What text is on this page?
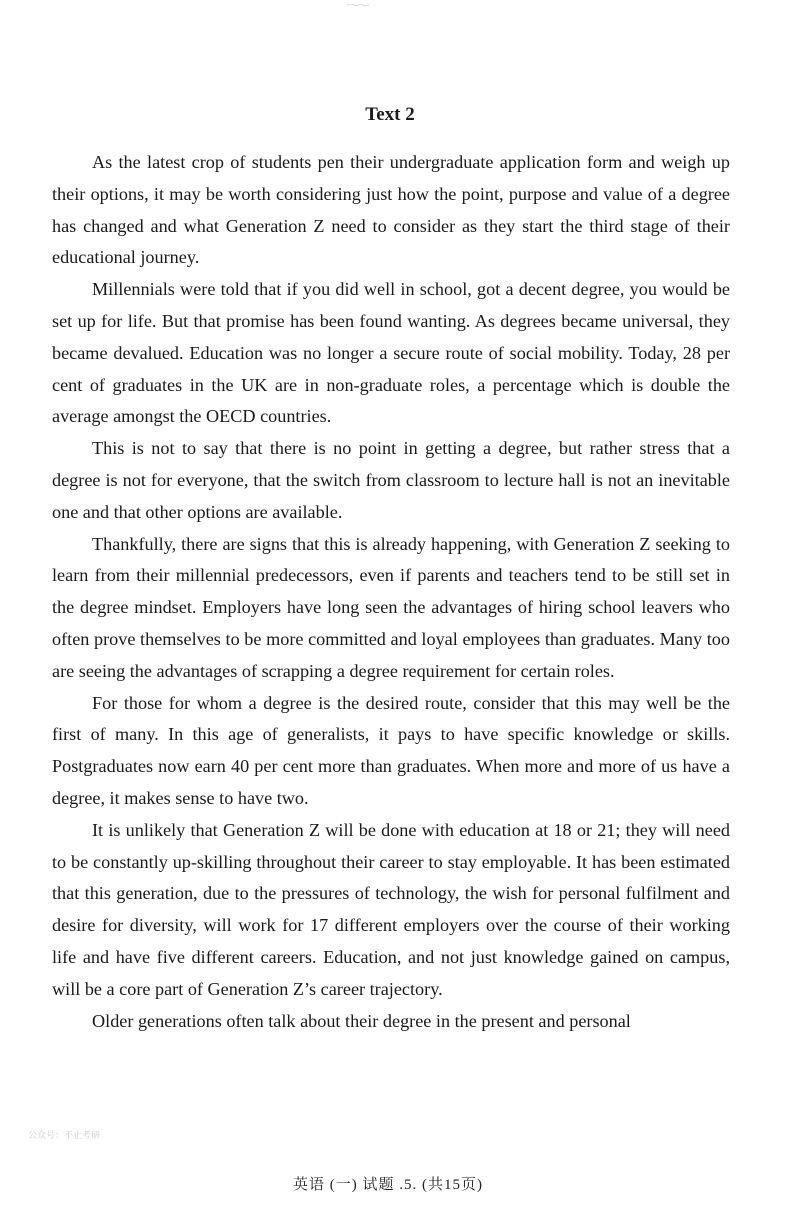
Text 2

As the latest crop of students pen their undergraduate application form and weigh up their options, it may be worth considering just how the point, purpose and value of a degree has changed and what Generation Z need to consider as they start the third stage of their educational journey.

Millennials were told that if you did well in school, got a decent degree, you would be set up for life. But that promise has been found wanting. As degrees became universal, they became devalued. Education was no longer a secure route of social mobility. Today, 28 per cent of graduates in the UK are in non-graduate roles, a percentage which is double the average amongst the OECD countries.

This is not to say that there is no point in getting a degree, but rather stress that a degree is not for everyone, that the switch from classroom to lecture hall is not an inevitable one and that other options are available.

Thankfully, there are signs that this is already happening, with Generation Z seeking to learn from their millennial predecessors, even if parents and teachers tend to be still set in the degree mindset. Employers have long seen the advantages of hiring school leavers who often prove themselves to be more committed and loyal employees than graduates. Many too are seeing the advantages of scrapping a degree requirement for certain roles.

For those for whom a degree is the desired route, consider that this may well be the first of many. In this age of generalists, it pays to have specific knowledge or skills. Postgraduates now earn 40 per cent more than graduates. When more and more of us have a degree, it makes sense to have two.

It is unlikely that Generation Z will be done with education at 18 or 21; they will need to be constantly up-skilling throughout their career to stay employable. It has been estimated that this generation, due to the pressures of technology, the wish for personal fulfilment and desire for diversity, will work for 17 different employers over the course of their working life and have five different careers. Education, and not just knowledge gained on campus, will be a core part of Generation Z’s career trajectory.

Older generations often talk about their degree in the present and personal

公众号：不止考研
英语 (一) 试题 .5. (共15页)
